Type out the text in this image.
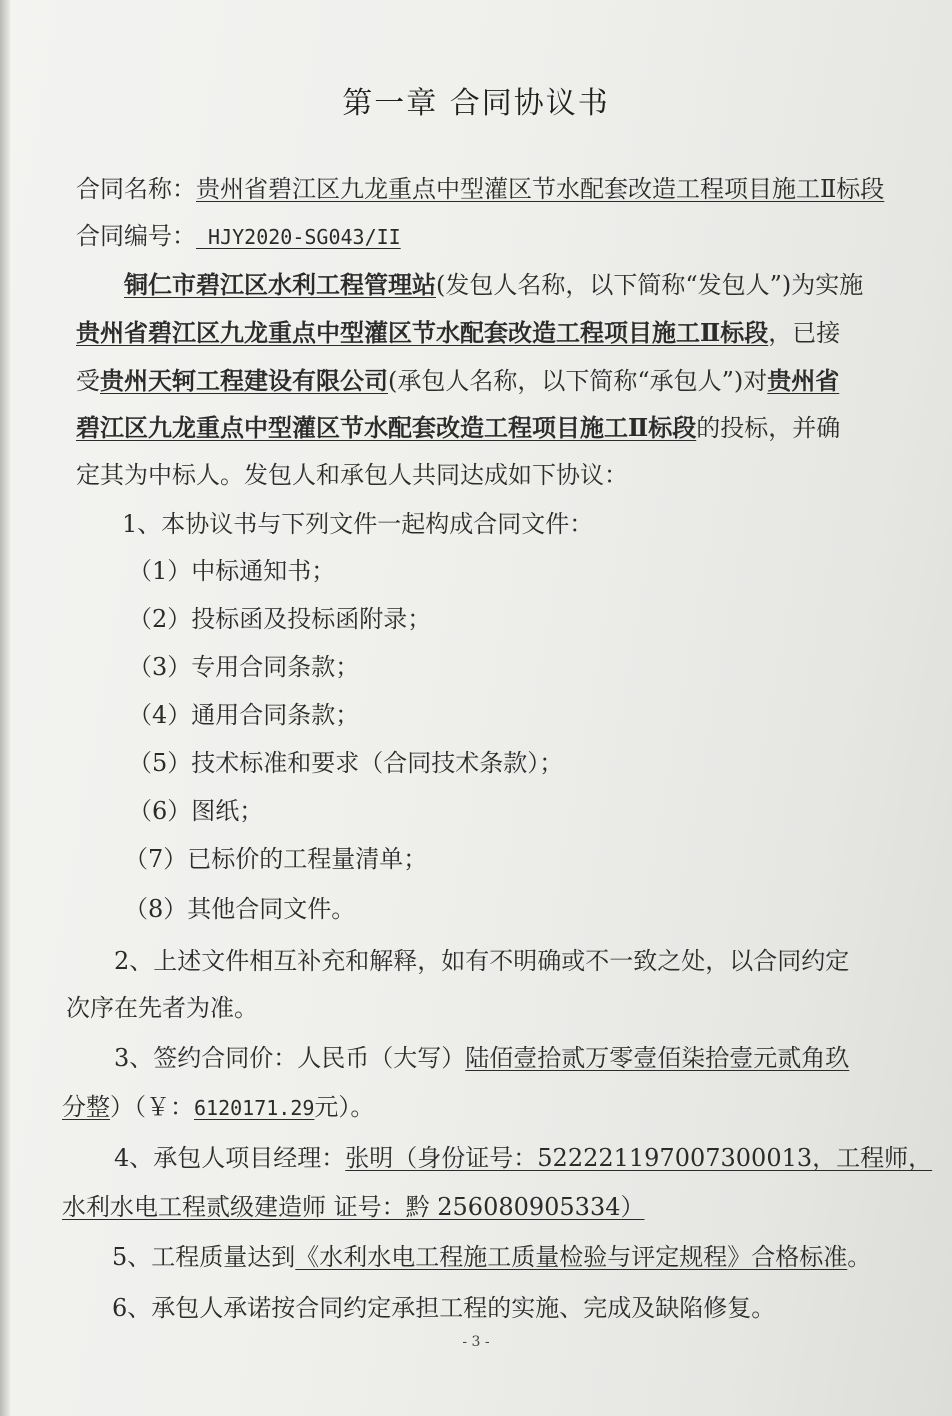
第一章 合同协议书
合同名称：贵州省碧江区九龙重点中型灌区节水配套改造工程项目施工Ⅱ标段
合同编号： HJY2020-SG043/II
铜仁市碧江区水利工程管理站(发包人名称，以下简称“发包人”)为实施
贵州省碧江区九龙重点中型灌区节水配套改造工程项目施工Ⅱ标段，已接
受贵州天轲工程建设有限公司(承包人名称，以下简称“承包人”)对贵州省
碧江区九龙重点中型灌区节水配套改造工程项目施工Ⅱ标段的投标，并确
定其为中标人。发包人和承包人共同达成如下协议：
1、本协议书与下列文件一起构成合同文件：
（1）中标通知书；
（2）投标函及投标函附录；
（3）专用合同条款；
（4）通用合同条款；
（5）技术标准和要求（合同技术条款）；
（6）图纸；
（7）已标价的工程量清单；
（8）其他合同文件。
2、上述文件相互补充和解释，如有不明确或不一致之处，以合同约定
次序在先者为准。
3、签约合同价：人民币（大写）陆佰壹拾贰万零壹佰柒拾壹元贰角玖
分整）（￥：6120171.29元）。
4、承包人项目经理：张明（身份证号：522221197007300013，工程师，
水利水电工程贰级建造师 证号：黔 256080905334）
5、工程质量达到《水利水电工程施工质量检验与评定规程》合格标准。
6、承包人承诺按合同约定承担工程的实施、完成及缺陷修复。
- 3 -
